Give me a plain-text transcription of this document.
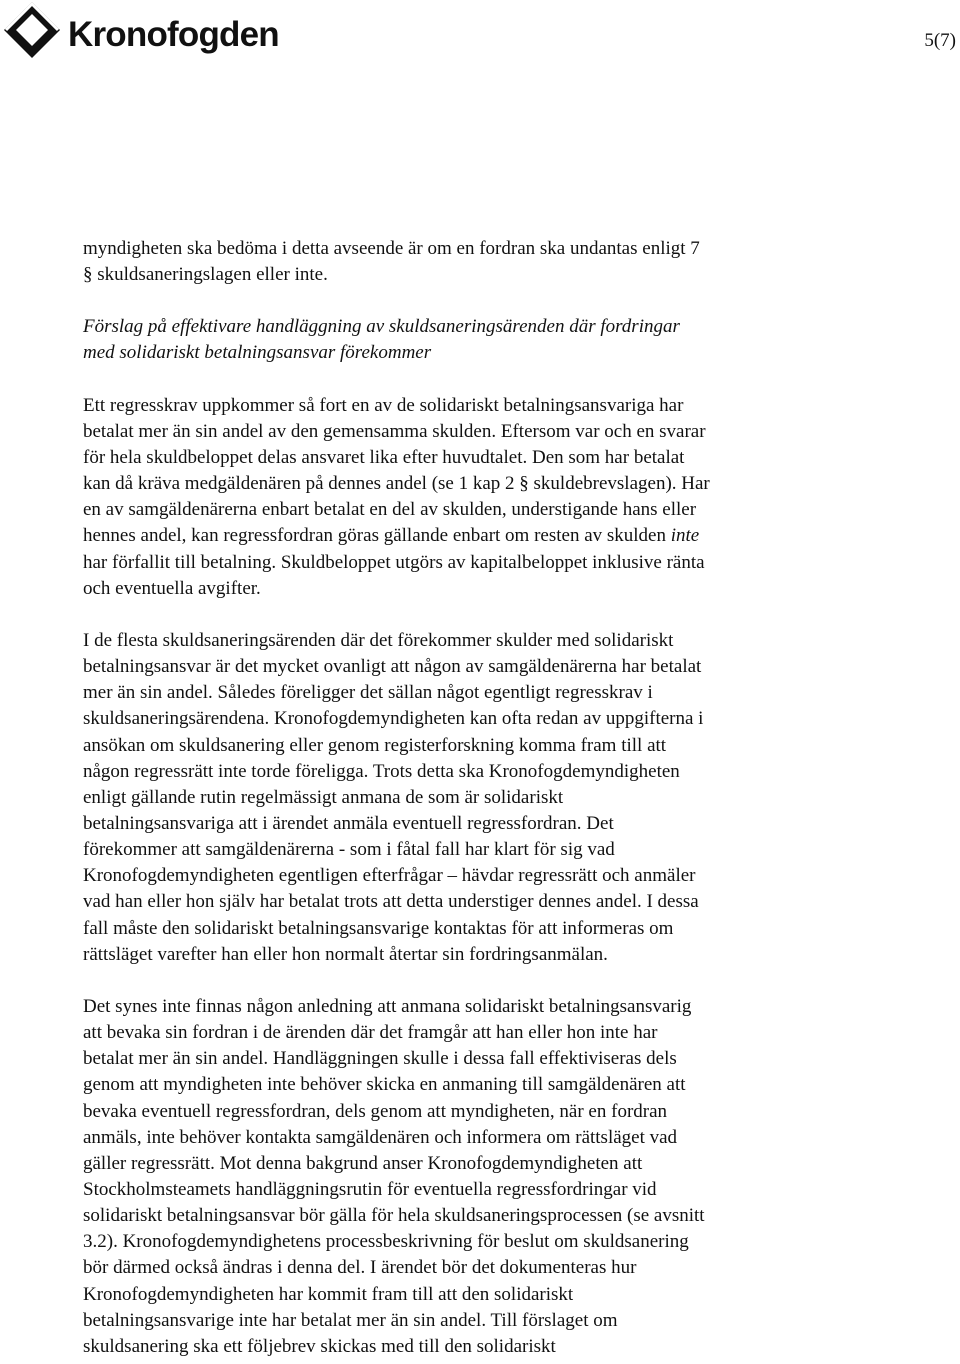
Kronofogden	5(7)

myndigheten ska bedöma i detta avseende är om en fordran ska undantas enligt 7

§ skuldsaneringslagen eller inte.

Förslag på effektivare handläggning av skuldsaneringsärenden där fordringar

med solidariskt betalningsansvar förekommer

Ett regresskrav uppkommer så fort en av de solidariskt betalningsansvariga har

betalat mer än sin andel av den gemensamma skulden. Eftersom var och en svarar

för hela skuldbeloppet delas ansvaret lika efter huvudtalet. Den som har betalat

kan då kräva medgäldenären på dennes andel (se 1 kap 2 § skuldebrevslagen). Har

en av samgäldenärerna enbart betalat en del av skulden, understigande hans eller

hennes andel, kan regressfordran göras gällande enbart om resten av skulden inte

har förfallit till betalning. Skuldbeloppet utgörs av kapitalbeloppet inklusive ränta

och eventuella avgifter.

I de flesta skuldsaneringsärenden där det förekommer skulder med solidariskt

betalningsansvar är det mycket ovanligt att någon av samgäldenärerna har betalat

mer än sin andel. Således föreligger det sällan något egentligt regresskrav i

skuldsaneringsärendena. Kronofogdemyndigheten kan ofta redan av uppgifterna i

ansökan om skuldsanering eller genom registerforskning komma fram till att

någon regressrätt inte torde föreligga. Trots detta ska Kronofogdemyndigheten

enligt gällande rutin regelmässigt anmana de som är solidariskt

betalningsansvariga att i ärendet anmäla eventuell regressfordran. Det

förekommer att samgäldenärerna - som i fåtal fall har klart för sig vad

Kronofogdemyndigheten egentligen efterfrågar – hävdar regressrätt och anmäler

vad han eller hon själv har betalat trots att detta understiger dennes andel. I dessa

fall måste den solidariskt betalningsansvarige kontaktas för att informeras om

rättsläget varefter han eller hon normalt återtar sin fordringsanmälan.

Det synes inte finnas någon anledning att anmana solidariskt betalningsansvarig

att bevaka sin fordran i de ärenden där det framgår att han eller hon inte har

betalat mer än sin andel. Handläggningen skulle i dessa fall effektiviseras dels

genom att myndigheten inte behöver skicka en anmaning till samgäldenären att

bevaka eventuell regressfordran, dels genom att myndigheten, när en fordran

anmäls, inte behöver kontakta samgäldenären och informera om rättsläget vad

gäller regressrätt. Mot denna bakgrund anser Kronofogdemyndigheten att

Stockholmsteamets handläggningsrutin för eventuella regressfordringar vid

solidariskt betalningsansvar bör gälla för hela skuldsaneringsprocessen (se avsnitt

3.2). Kronofogdemyndighetens processbeskrivning för beslut om skuldsanering

bör därmed också ändras i denna del. I ärendet bör det dokumenteras hur

Kronofogdemyndigheten har kommit fram till att den solidariskt

betalningsansvarige inte har betalat mer än sin andel. Till förslaget om

skuldsanering ska ett följebrev skickas med till den solidariskt
